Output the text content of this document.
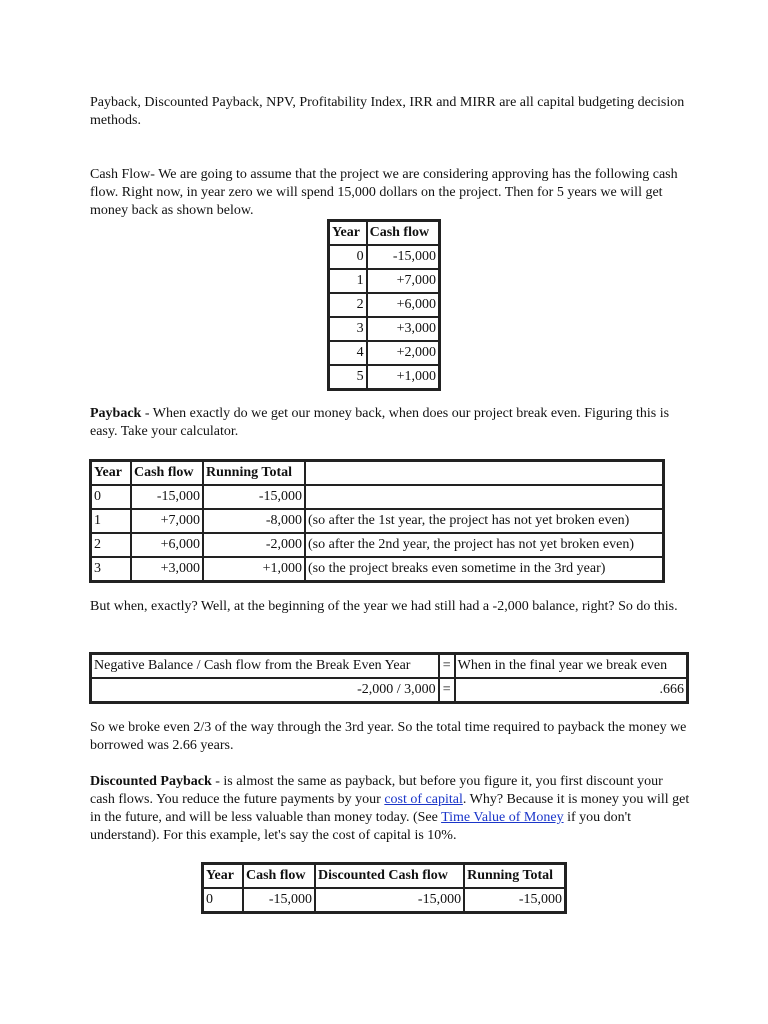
Payback, Discounted Payback, NPV, Profitability Index, IRR and MIRR are all capital budgeting decision methods.

Cash Flow- We are going to assume that the project we are considering approving has the following cash flow. Right now, in year zero we will spend 15,000 dollars on the project. Then for 5 years we will get money back as shown below.

Year	Cash flow
0	-15,000
1	+7,000
2	+6,000
3	+3,000
4	+2,000
5	+1,000

Payback - When exactly do we get our money back, when does our project break even. Figuring this is easy. Take your calculator.

Year	Cash flow	Running Total	
0	-15,000	-15,000	
1	+7,000	-8,000	(so after the 1st year, the project has not yet broken even)
2	+6,000	-2,000	(so after the 2nd year, the project has not yet broken even)
3	+3,000	+1,000	(so the project breaks even sometime in the 3rd year)

But when, exactly? Well, at the beginning of the year we had still had a -2,000 balance, right? So do this.

Negative Balance / Cash flow from the Break Even Year	=	When in the final year we break even
-2,000 / 3,000	=	.666

So we broke even 2/3 of the way through the 3rd year. So the total time required to payback the money we borrowed was 2.66 years.

Discounted Payback - is almost the same as payback, but before you figure it, you first discount your cash flows. You reduce the future payments by your cost of capital. Why? Because it is money you will get in the future, and will be less valuable than money today. (See Time Value of Money if you don't understand). For this example, let's say the cost of capital is 10%.

Year	Cash flow	Discounted Cash flow	Running Total
0	-15,000	-15,000	-15,000
